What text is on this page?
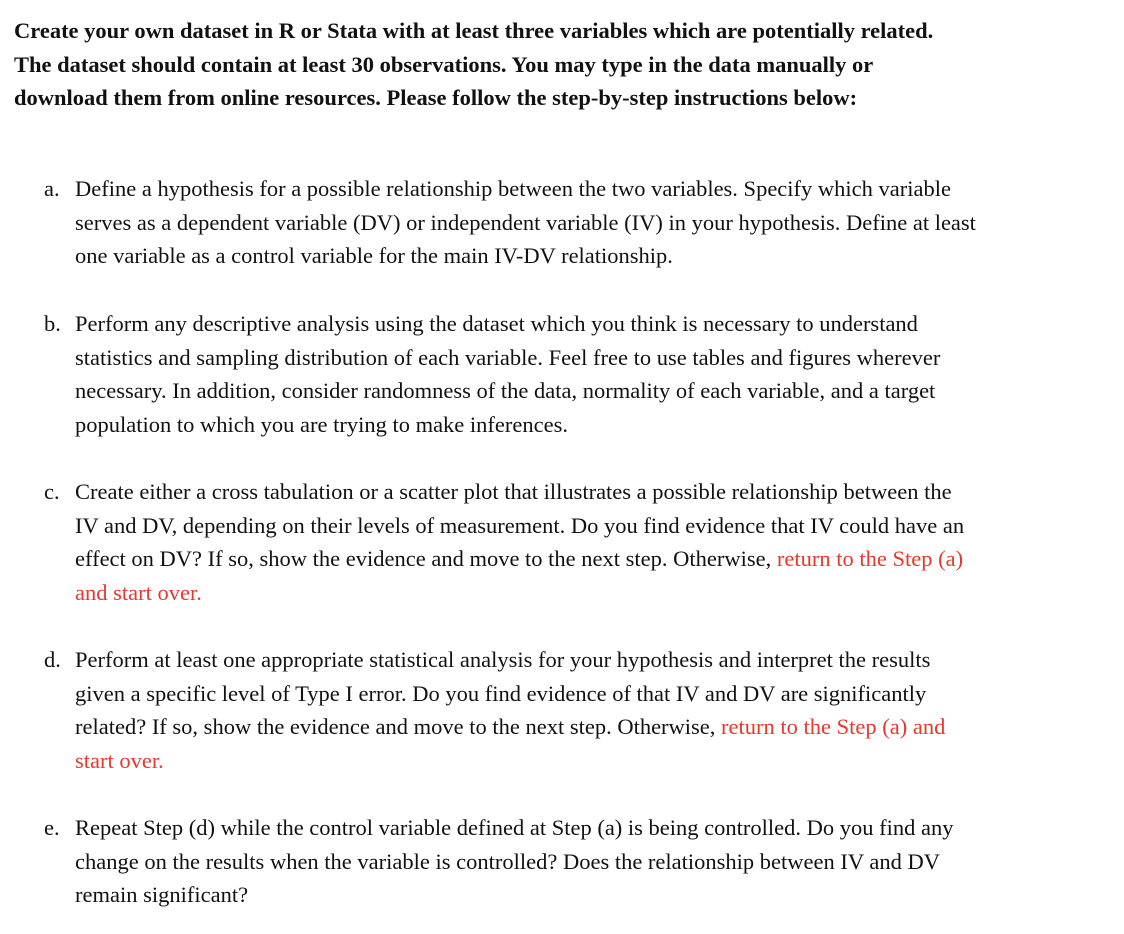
Create your own dataset in R or Stata with at least three variables which are potentially related.
The dataset should contain at least 30 observations. You may type in the data manually or
download them from online resources. Please follow the step-by-step instructions below:
a. Define a hypothesis for a possible relationship between the two variables. Specify which variable
serves as a dependent variable (DV) or independent variable (IV) in your hypothesis. Define at least
one variable as a control variable for the main IV-DV relationship.
b. Perform any descriptive analysis using the dataset which you think is necessary to understand
statistics and sampling distribution of each variable. Feel free to use tables and figures wherever
necessary. In addition, consider randomness of the data, normality of each variable, and a target
population to which you are trying to make inferences.
c. Create either a cross tabulation or a scatter plot that illustrates a possible relationship between the
IV and DV, depending on their levels of measurement. Do you find evidence that IV could have an
effect on DV? If so, show the evidence and move to the next step. Otherwise, return to the Step (a)
and start over.
d. Perform at least one appropriate statistical analysis for your hypothesis and interpret the results
given a specific level of Type I error. Do you find evidence of that IV and DV are significantly
related? If so, show the evidence and move to the next step. Otherwise, return to the Step (a) and
start over.
e. Repeat Step (d) while the control variable defined at Step (a) is being controlled. Do you find any
change on the results when the variable is controlled? Does the relationship between IV and DV
remain significant?
